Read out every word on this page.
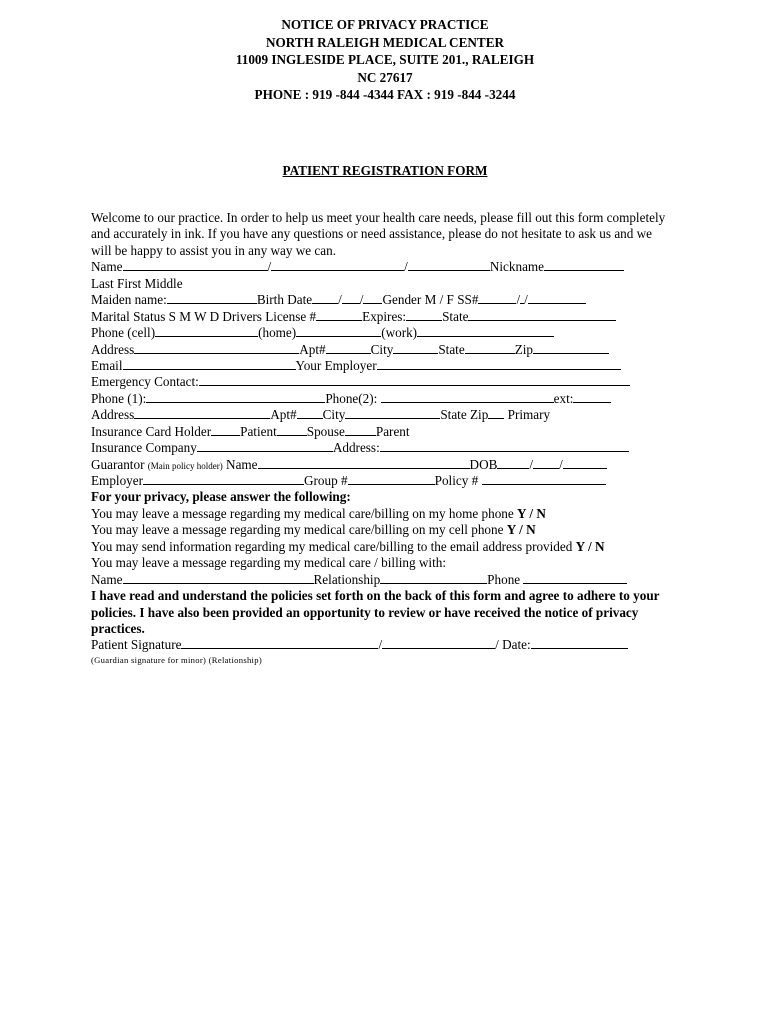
NOTICE OF PRIVACY PRACTICE
NORTH RALEIGH MEDICAL CENTER
11009 INGLESIDE PLACE, SUITE 201., RALEIGH
NC 27617
PHONE : 919 -844 -4344 FAX : 919 -844 -3244
PATIENT REGISTRATION FORM
Welcome to our practice. In order to help us meet your health care needs, please fill out this form completely and accurately in ink. If you have any questions or need assistance, please do not hesitate to ask us and we will be happy to assist you in any way we can.
Name	/	/	Nickname
Last First Middle
Maiden name:	Birth Date / / Gender M / F SS#	/ /
Marital Status S M W D Drivers License #	Expires:	State
Phone (cell)	(home)	(work)
Address	Apt#	City	State	Zip
Email	Your Employer
Emergency Contact:
Phone (1):	Phone(2):	ext:
Address	Apt# City	State Zip Primary
Insurance Card Holder Patient Spouse Parent
Insurance Company	Address:
Guarantor (Main policy holder) Name	DOB / /
Employer	Group #	Policy #
For your privacy, please answer the following:
You may leave a message regarding my medical care/billing on my home phone Y / N
You may leave a message regarding my medical care/billing on my cell phone Y / N
You may send information regarding my medical care/billing to the email address provided Y / N
You may leave a message regarding my medical care / billing with:
Name	Relationship	Phone
I have read and understand the policies set forth on the back of this form and agree to adhere to your policies. I have also been provided an opportunity to review or have received the notice of privacy practices.
Patient Signature	/	/ Date:
(Guardian signature for minor) (Relationship)
